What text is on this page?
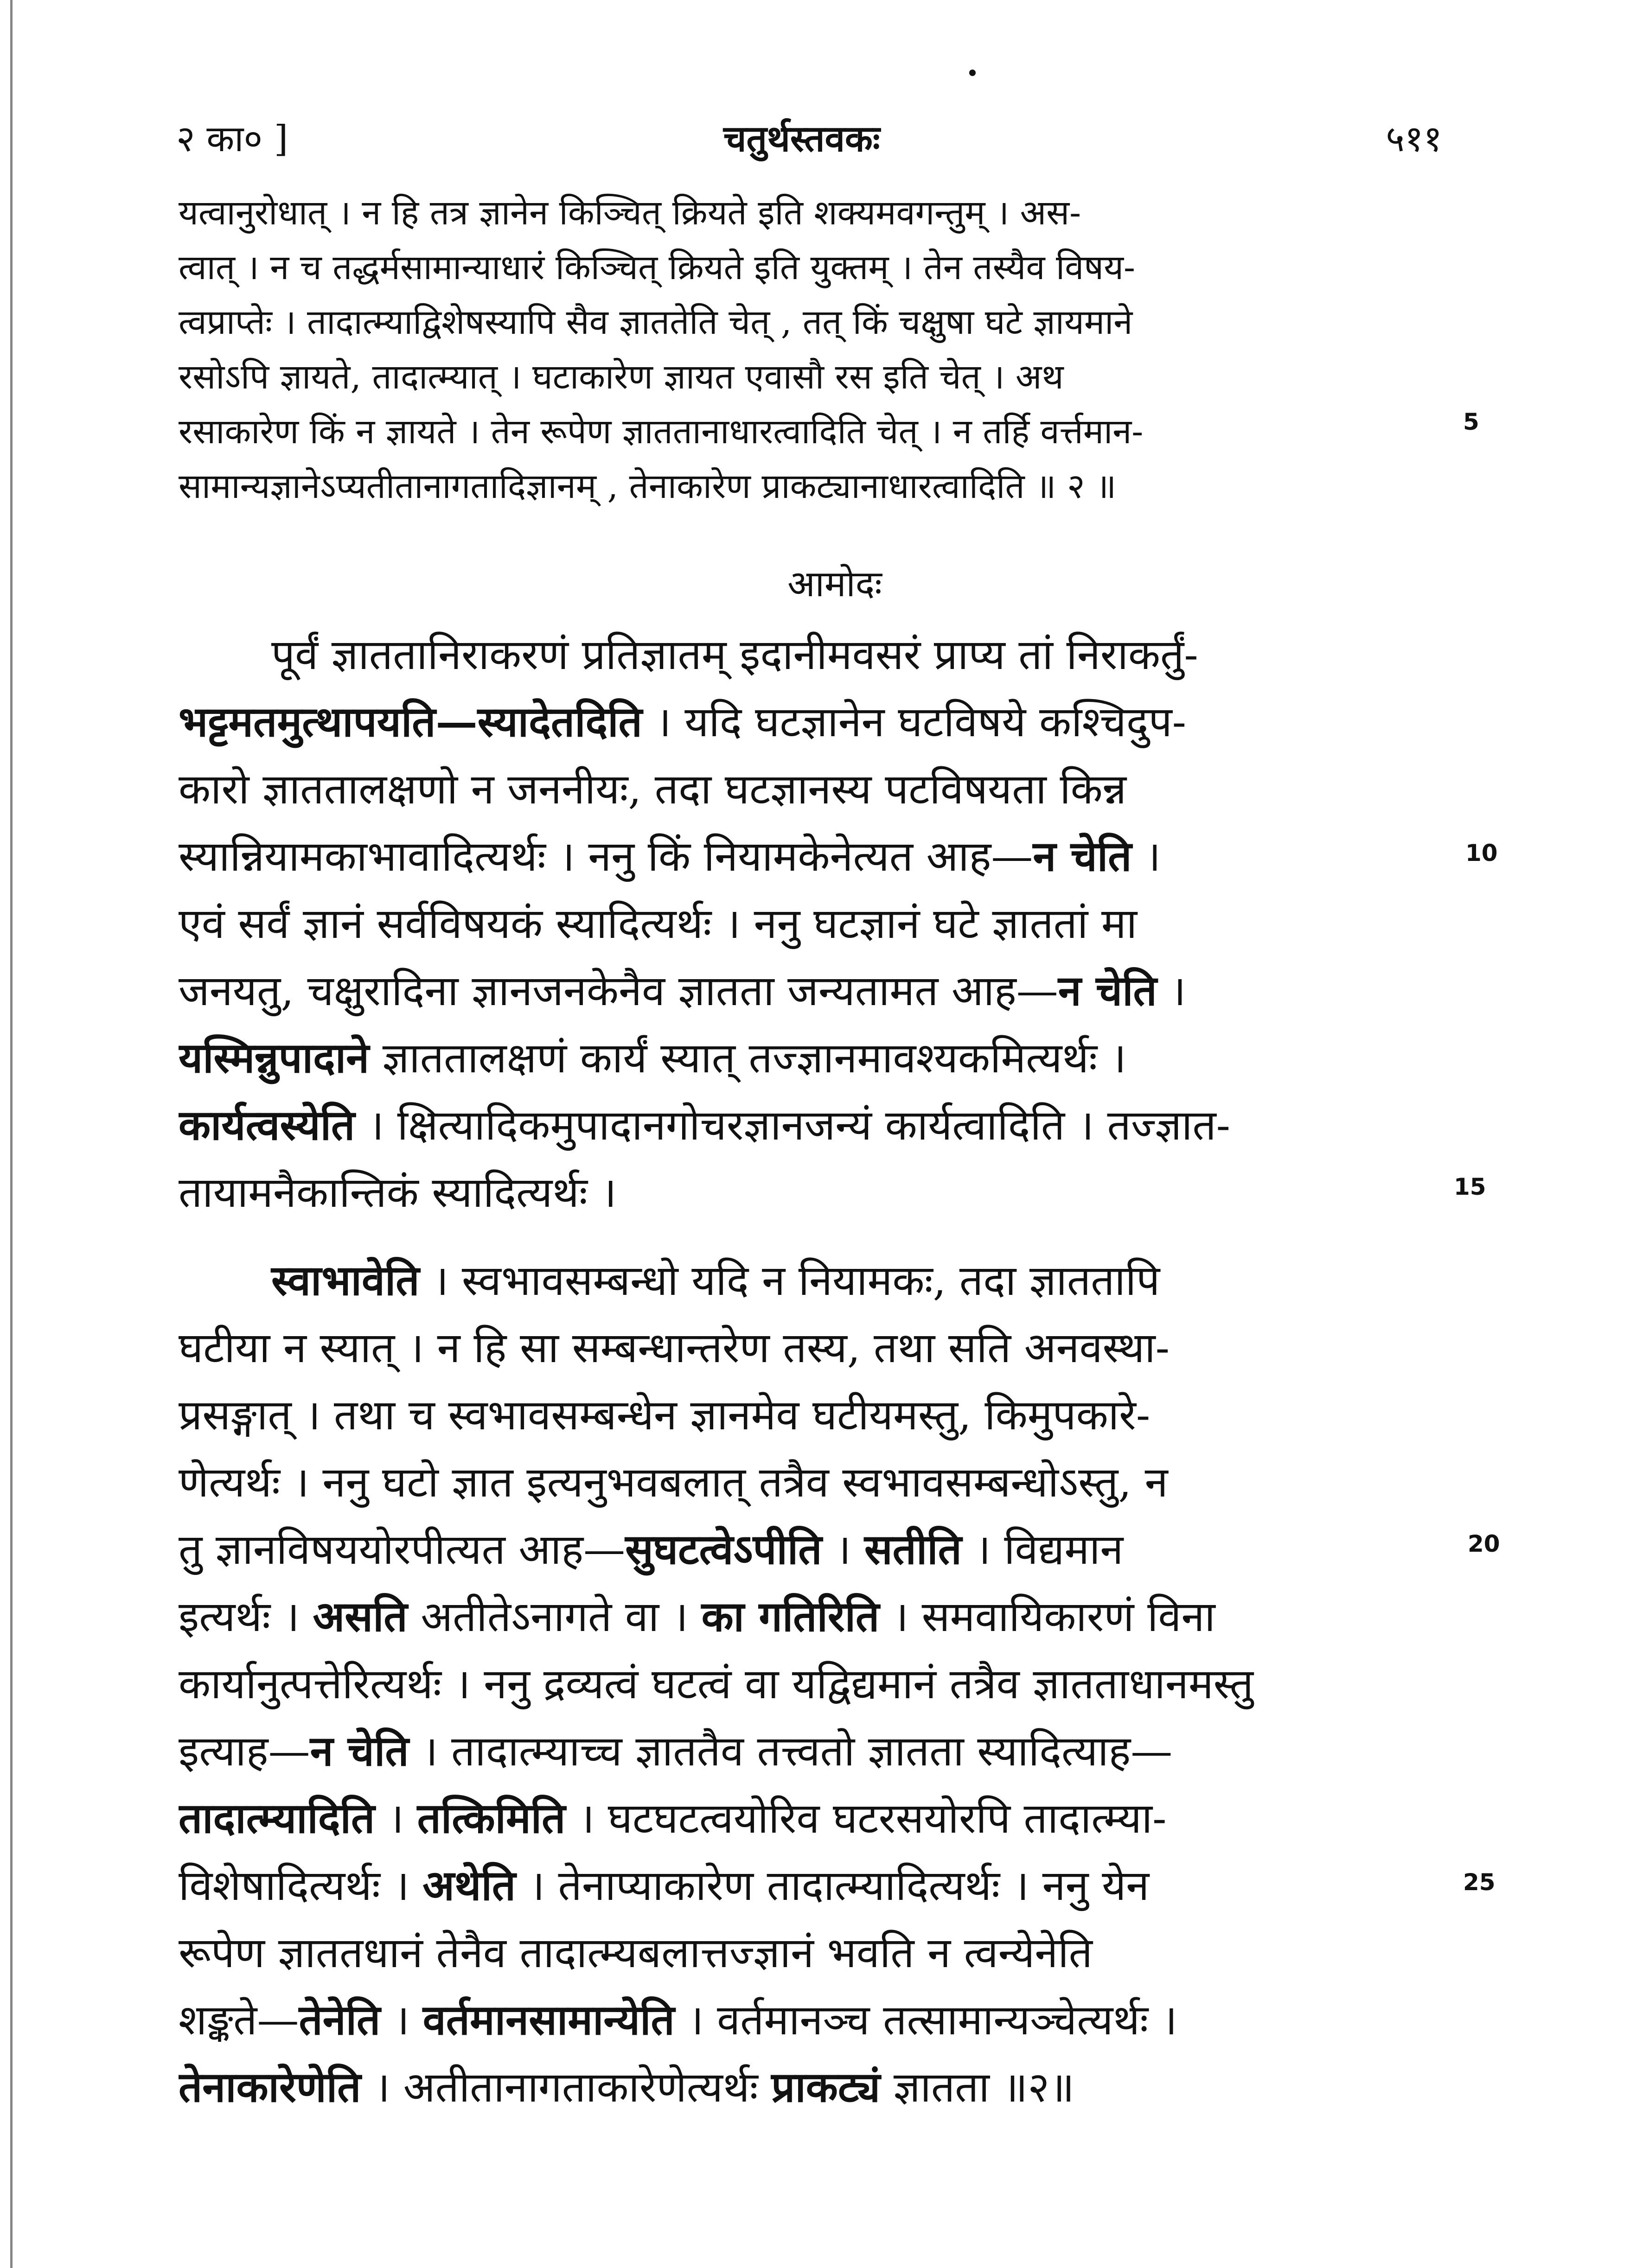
२ का० ]	चतुर्थस्तवकः	५११

यत्वानुरोधात् । न हि तत्र ज्ञानेन किञ्चित् क्रियते इति शक्यमवगन्तुम् । अस-

त्वात् । न च तद्धर्मसामान्याधारं किञ्चित् क्रियते इति युक्तम् । तेन तस्यैव विषय-

त्वप्राप्तेः । तादात्म्याद्विशेषस्यापि सैव ज्ञाततेति चेत् , तत् किं चक्षुषा घटे ज्ञायमाने

रसोऽपि ज्ञायते, तादात्म्यात् । घटाकारेण ज्ञायत एवासौ रस इति चेत् । अथ

रसाकारेण किं न ज्ञायते । तेन रूपेण ज्ञाततानाधारत्वादिति चेत् । न तर्हि वर्त्तमान-

सामान्यज्ञानेऽप्यतीतानागतादिज्ञानम् , तेनाकारेण प्राकट्यानाधारत्वादिति ॥ २ ॥

आमोदः

पूर्वं ज्ञाततानिराकरणं प्रतिज्ञातम् इदानीमवसरं प्राप्य तां निराकर्तुं-

भट्टमतमुत्थापयति—स्यादेतदिति । यदि घटज्ञानेन घटविषये कश्चिदुप-

कारो ज्ञाततालक्षणो न जननीयः, तदा घटज्ञानस्य पटविषयता किन्न

स्यान्नियामकाभावादित्यर्थः । ननु किं नियामकेनेत्यत आह—न चेति ।

एवं सर्वं ज्ञानं सर्वविषयकं स्यादित्यर्थः । ननु घटज्ञानं घटे ज्ञाततां मा

जनयतु, चक्षुरादिना ज्ञानजनकेनैव ज्ञातता जन्यतामत आह—न चेति ।

यस्मिन्नुपादाने ज्ञाततालक्षणं कार्यं स्यात् तज्ज्ञानमावश्यकमित्यर्थः ।

कार्यत्वस्येति । क्षित्यादिकमुपादानगोचरज्ञानजन्यं कार्यत्वादिति । तज्ज्ञात-

तायामनैकान्तिकं स्यादित्यर्थः ।

स्वाभावेति । स्वभावसम्बन्धो यदि न नियामकः, तदा ज्ञाततापि

घटीया न स्यात् । न हि सा सम्बन्धान्तरेण तस्य, तथा सति अनवस्था-

प्रसङ्गात् । तथा च स्वभावसम्बन्धेन ज्ञानमेव घटीयमस्तु, किमुपकारे-

णेत्यर्थः । ननु घटो ज्ञात इत्यनुभवबलात् तत्रैव स्वभावसम्बन्धोऽस्तु, न

तु ज्ञानविषययोरपीत्यत आह—सुघटत्वेऽपीति । सतीति । विद्यमान

इत्यर्थः । असति अतीतेऽनागते वा । का गतिरिति । समवायिकारणं विना

कार्यानुत्पत्तेरित्यर्थः । ननु द्रव्यत्वं घटत्वं वा यद्विद्यमानं तत्रैव ज्ञातताधानमस्तु

इत्याह—न चेति । तादात्म्याच्च ज्ञाततैव तत्त्वतो ज्ञातता स्यादित्याह—

तादात्म्यादिति । तत्किमिति । घटघटत्वयोरिव घटरसयोरपि तादात्म्या-

विशेषादित्यर्थः । अथेति । तेनाप्याकारेण तादात्म्यादित्यर्थः । ननु येन

रूपेण ज्ञाततधानं तेनैव तादात्म्यबलात्तज्ज्ञानं भवति न त्वन्येनेति

शङ्कते—तेनेति । वर्तमानसामान्येति । वर्तमानञ्च तत्सामान्यञ्चेत्यर्थः ।

तेनाकारेणेति । अतीतानागताकारेणेत्यर्थः प्राकट्यं ज्ञातता ॥२॥

5
10
15
20
25
